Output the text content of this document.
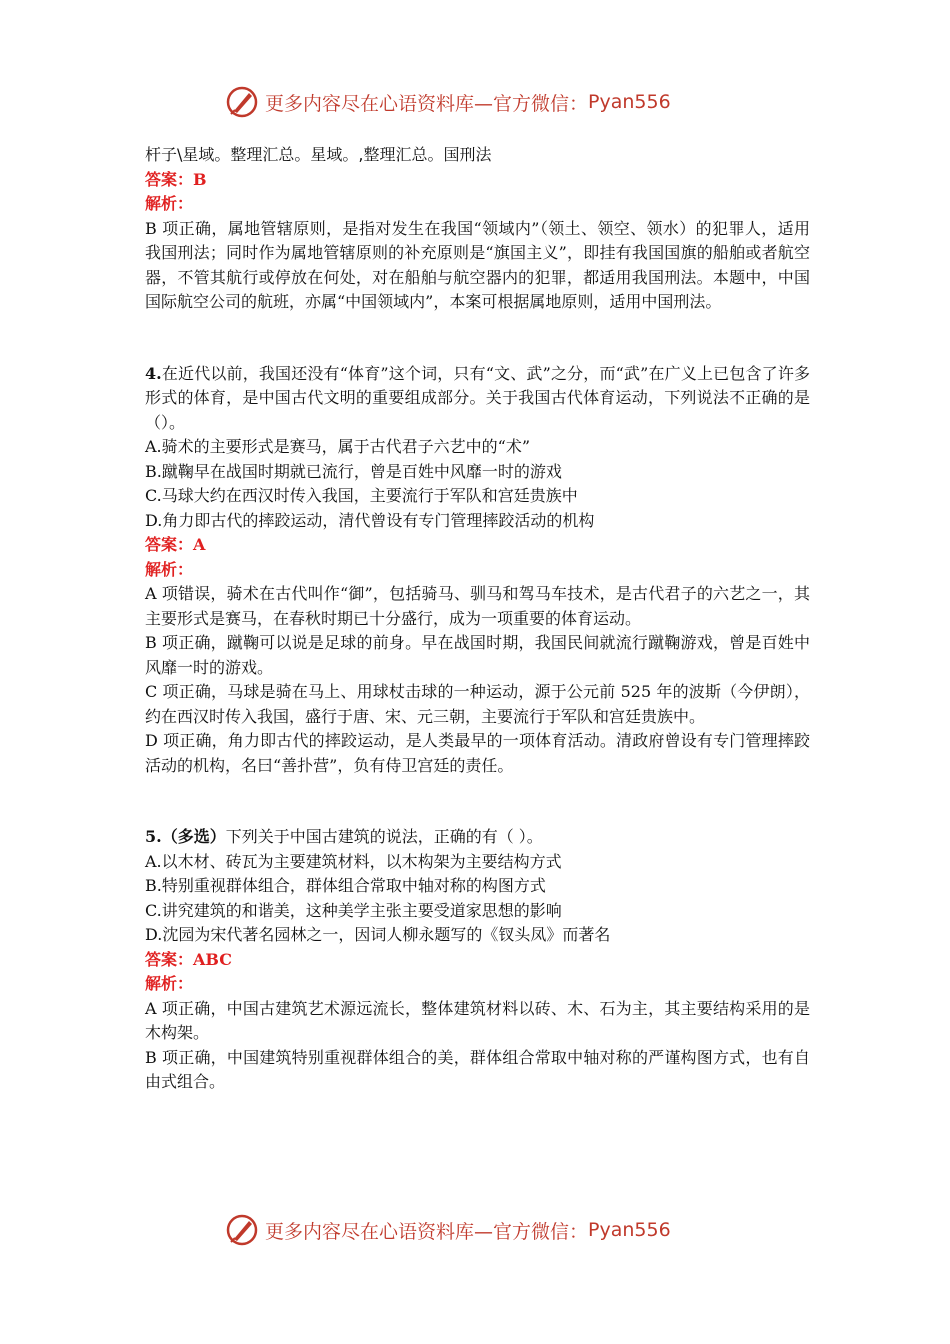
更多内容尽在心语资料库—官方微信： Pyan556
杆子\星域。整理汇总。星域。,整理汇总。国刑法
答案：B
解析：
B 项正确，属地管辖原则，是指对发生在我国“领域内”（领土、领空、领水）的犯罪人，适用我国刑法；同时作为属地管辖原则的补充原则是“旗国主义”，即挂有我国国旗的船舶或者航空器，不管其航行或停放在何处，对在船舶与航空器内的犯罪，都适用我国刑法。本题中，中国国际航空公司的航班，亦属“中国领域内”，本案可根据属地原则，适用中国刑法。
4.在近代以前，我国还没有“体育”这个词，只有“文、武”之分，而“武”在广义上已包含了许多形式的体育，是中国古代文明的重要组成部分。关于我国古代体育运动，下列说法不正确的是（）。
A.骑术的主要形式是赛马，属于古代君子六艺中的“术”
B.蹴鞠早在战国时期就已流行，曾是百姓中风靡一时的游戏
C.马球大约在西汉时传入我国，主要流行于军队和宫廷贵族中
D.角力即古代的摔跤运动，清代曾设有专门管理摔跤活动的机构
答案：A
解析：
A 项错误，骑术在古代叫作“御”，包括骑马、驯马和驾马车技术，是古代君子的六艺之一，其主要形式是赛马，在春秋时期已十分盛行，成为一项重要的体育运动。
B 项正确，蹴鞠可以说是足球的前身。早在战国时期，我国民间就流行蹴鞠游戏，曾是百姓中风靡一时的游戏。
C 项正确，马球是骑在马上、用球杖击球的一种运动，源于公元前 525 年的波斯（今伊朗），约在西汉时传入我国，盛行于唐、宋、元三朝，主要流行于军队和宫廷贵族中。
D 项正确，角力即古代的摔跤运动，是人类最早的一项体育活动。清政府曾设有专门管理摔跤活动的机构，名曰“善扑营”，负有侍卫宫廷的责任。
5.（多选）下列关于中国古建筑的说法，正确的有（ ）。
A.以木材、砖瓦为主要建筑材料，以木构架为主要结构方式
B.特别重视群体组合，群体组合常取中轴对称的构图方式
C.讲究建筑的和谐美，这种美学主张主要受道家思想的影响
D.沈园为宋代著名园林之一，因词人柳永题写的《钗头凤》而著名
答案：ABC
解析：
A 项正确，中国古建筑艺术源远流长，整体建筑材料以砖、木、石为主，其主要结构采用的是木构架。
B 项正确，中国建筑特别重视群体组合的美，群体组合常取中轴对称的严谨构图方式，也有自由式组合。
更多内容尽在心语资料库—官方微信： Pyan556
